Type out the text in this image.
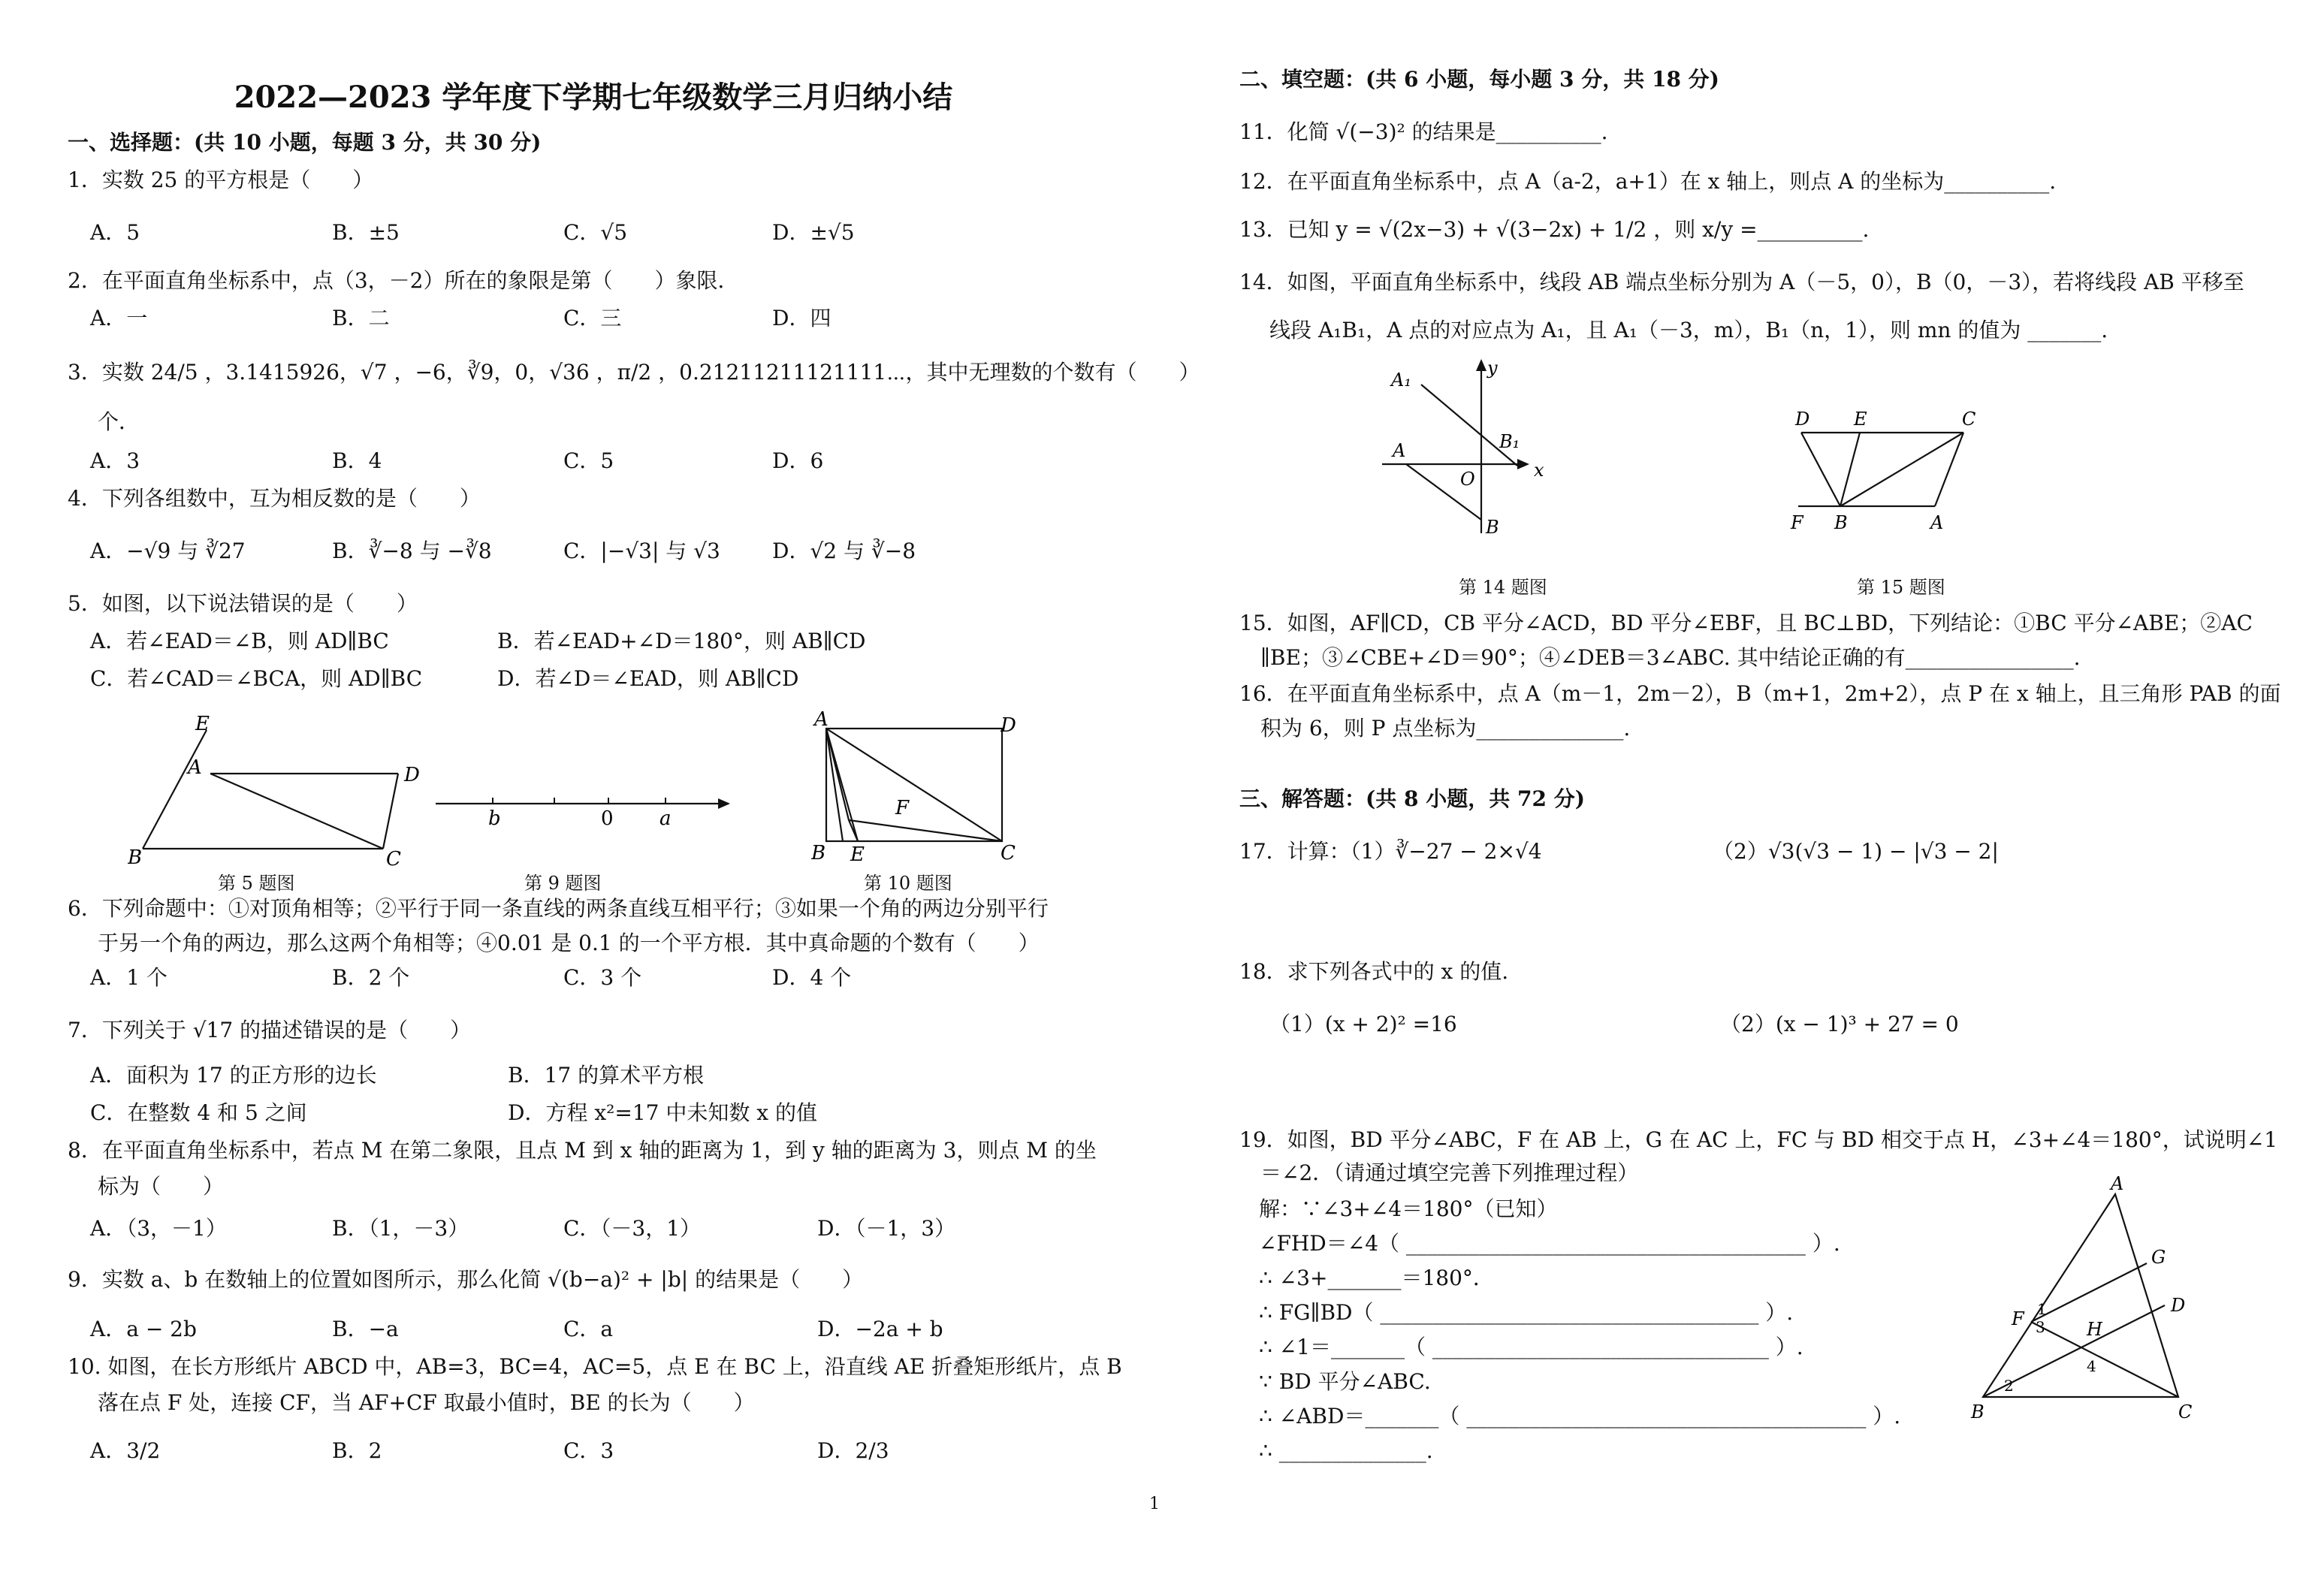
2022—2023 学年度下学期七年级数学三月归纳小结
一、选择题：(共 10 小题，每题 3 分，共 30 分)
1．实数 25 的平方根是（　　）
A．5	B．±5	C．√5	D．±√5
2．在平面直角坐标系中，点（3，－2）所在的象限是第（　　）象限．
A．一	B．二	C．三	D．四
3．实数 24/5 ，3.1415926，√7 ，−6，∛9，0，√36 ，π/2 ，0.21211211121111⋯，其中无理数的个数有（　　）
个．
A．3	B．4	C．5	D．6
4．下列各组数中，互为相反数的是（　　）
A．−√9 与 ∛27	B．∛−8 与 −∛8	C．|−√3| 与 √3 D．√2 与 ∛−8
5．如图，以下说法错误的是（　　）
A．若∠EAD＝∠B，则 AD∥BC	B．若∠EAD+∠D＝180°，则 AB∥CD
C．若∠CAD＝∠BCA，则 AD∥BC	D．若∠D＝∠EAD，则 AB∥CD
E
A	D
B	C
第 5 题图
b	0 a
第 9 题图
A	D
F
B E	C
第 10 题图
6．下列命题中：①对顶角相等；②平行于同一条直线的两条直线互相平行；③如果一个角的两边分别平行
于另一个角的两边，那么这两个角相等；④0.01 是 0.1 的一个平方根．其中真命题的个数有（　　）
A．1 个	B．2 个	C．3 个	D．4 个
7．下列关于 √17 的描述错误的是（　　）
A．面积为 17 的正方形的边长	B．17 的算术平方根
C．在整数 4 和 5 之间	D．方程 x²=17 中未知数 x 的值
8．在平面直角坐标系中，若点 M 在第二象限，且点 M 到 x 轴的距离为 1，到 y 轴的距离为 3，则点 M 的坐
标为（　　）
A．（3，－1）	B．（1，－3）	C．（－3，1）	D．（－1，3）
9．实数 a、b 在数轴上的位置如图所示，那么化简 √(b−a)² + |b| 的结果是（　　）
A．a − 2b	B．−a	C．a	D．−2a + b
10. 如图，在长方形纸片 ABCD 中，AB=3，BC=4，AC=5，点 E 在 BC 上，沿直线 AE 折叠矩形纸片，点 B
落在点 F 处，连接 CF，当 AF+CF 取最小值时，BE 的长为（　　）
A．3/2	B．2	C．3	D．2/3
二、填空题：(共 6 小题，每小题 3 分，共 18 分)
11．化简 √(−3)² 的结果是__________.
12．在平面直角坐标系中，点 A（a-2，a+1）在 x 轴上，则点 A 的坐标为__________.
13．已知 y = √(2x−3) + √(3−2x) + 1/2 ，则 x/y =__________.
14．如图，平面直角坐标系中，线段 AB 端点坐标分别为 A（－5，0），B（0，－3），若将线段 AB 平移至
线段 A₁B₁，A 点的对应点为 A₁，且 A₁（－3，m），B₁（n，1），则 mn 的值为 _______.
A₁
y
B₁
A
O	x
B
第 14 题图
D E	C
F B	A
第 15 题图
15．如图，AF∥CD，CB 平分∠ACD，BD 平分∠EBF，且 BC⊥BD，下列结论：①BC 平分∠ABE；②AC
∥BE；③∠CBE+∠D＝90°；④∠DEB＝3∠ABC. 其中结论正确的有________________.
16．在平面直角坐标系中，点 A（m－1，2m－2），B（m+1，2m+2），点 P 在 x 轴上，且三角形 PAB 的面
积为 6，则 P 点坐标为______________.
三、解答题：(共 8 小题，共 72 分)
17．计算：（1）∛−27 − 2×√4	（2）√3(√3 − 1) − |√3 − 2|
18．求下列各式中的 x 的值.
（1）(x + 2)² =16	（2）(x − 1)³ + 27 = 0
19．如图，BD 平分∠ABC，F 在 AB 上，G 在 AC 上，FC 与 BD 相交于点 H，∠3+∠4＝180°，试说明∠1
＝∠2．（请通过填空完善下列推理过程）
解：∵∠3+∠4＝180°（已知）
∠FHD＝∠4（ ______________________________________ ）.
∴ ∠3+_______＝180°．
∴ FG∥BD（ ____________________________________ ）.
∴ ∠1＝_______（ ________________________________ ）.
∵ BD 平分∠ABC.
∴ ∠ABD＝_______（ ______________________________________ ）.
∴ ______________.
A
G
D
F 1
3 H
4
2
B	C
1
